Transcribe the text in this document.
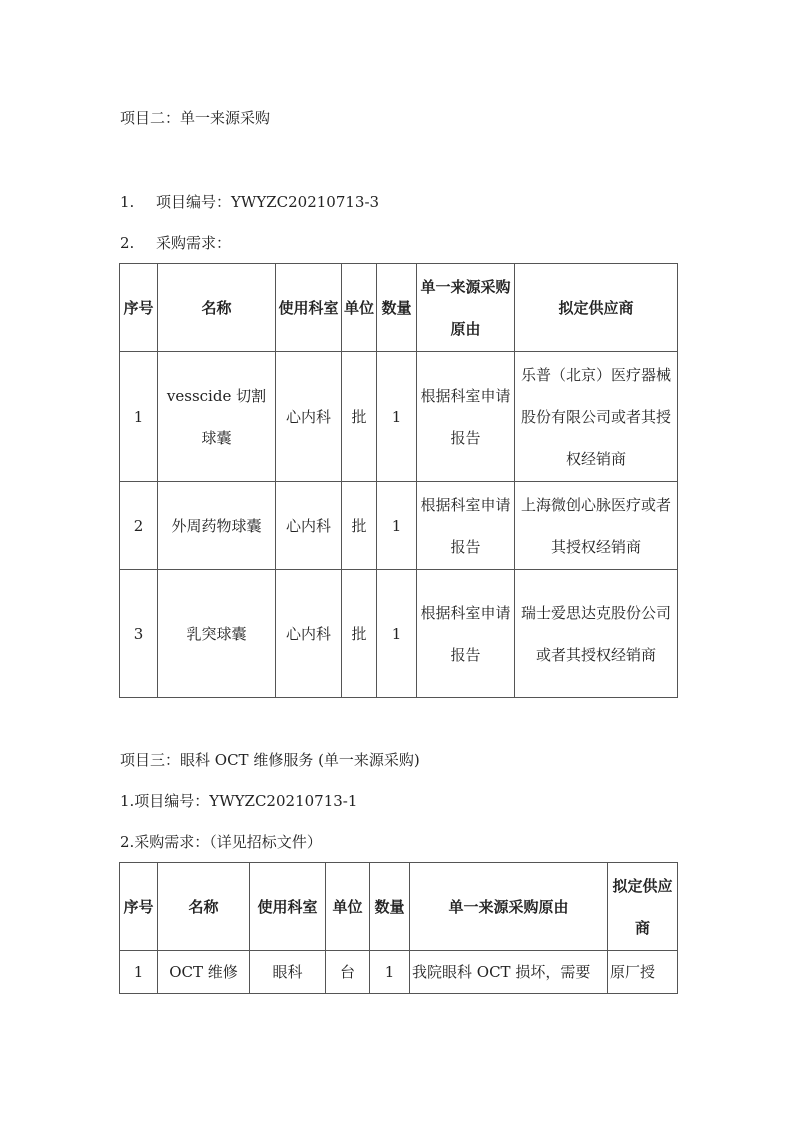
项目二：单一来源采购
1. 项目编号：YWYZC20210713-3
2. 采购需求：
序号	名称	使用科室	单位	数量	单一来源采购原由	拟定供应商
1	vesscide 切割球囊	心内科	批	1	根据科室申请报告	乐普（北京）医疗器械股份有限公司或者其授权经销商
2	外周药物球囊	心内科	批	1	根据科室申请报告	上海微创心脉医疗或者其授权经销商
3	乳突球囊	心内科	批	1	根据科室申请报告	瑞士爱思达克股份公司或者其授权经销商
项目三：眼科 OCT 维修服务 (单一来源采购)
1.项目编号：YWYZC20210713-1
2.采购需求：（详见招标文件）
序号	名称	使用科室	单位	数量	单一来源采购原由	拟定供应商
1	OCT 维修	眼科	台	1	我院眼科 OCT 损坏，需要	原厂授
